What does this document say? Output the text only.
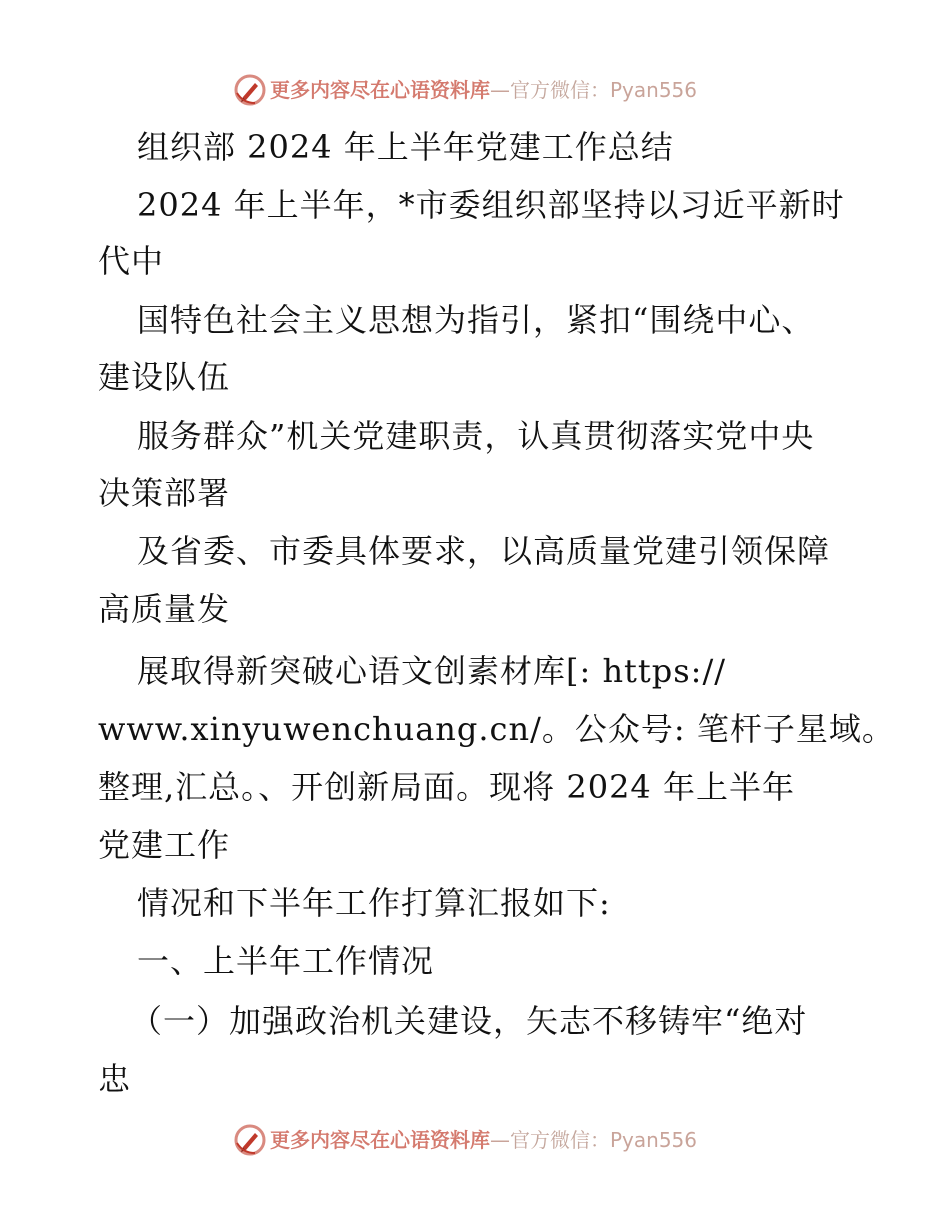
更多内容尽在心语资料库—官方微信：Pyan556
组织部 2024 年上半年党建工作总结
2024 年上半年，*市委组织部坚持以习近平新时
代中
国特色社会主义思想为指引，紧扣“围绕中心、
建设队伍
服务群众”机关党建职责，认真贯彻落实党中央
决策部署
及省委、市委具体要求，以高质量党建引领保障
高质量发
展取得新突破心语文创素材库[: https://
www.xinyuwenchuang.cn/。公众号: 笔杆子星域。
整理,汇总。、开创新局面。现将 2024 年上半年
党建工作
情况和下半年工作打算汇报如下:
一、上半年工作情况
（一）加强政治机关建设，矢志不移铸牢“绝对
忠
更多内容尽在心语资料库—官方微信：Pyan556
